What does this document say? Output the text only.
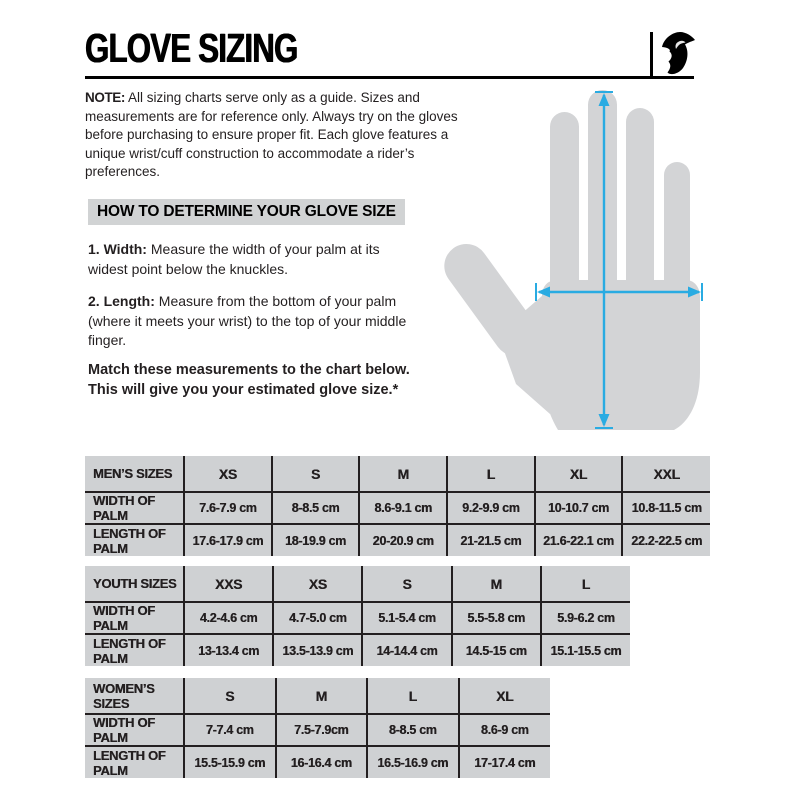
GLOVE SIZING

NOTE: All sizing charts serve only as a guide. Sizes and measurements are for reference only. Always try on the gloves before purchasing to ensure proper fit. Each glove features a unique wrist/cuff construction to accommodate a rider’s preferences.

HOW TO DETERMINE YOUR GLOVE SIZE

1. Width: Measure the width of your palm at its widest point below the knuckles.

2. Length: Measure from the bottom of your palm (where it meets your wrist) to the top of your middle finger.

Match these measurements to the chart below.
This will give you your estimated glove size.*

MEN’S SIZES	XS	S	M	L	XL	XXL
WIDTH OF PALM	7.6-7.9 cm	8-8.5 cm	8.6-9.1 cm	9.2-9.9 cm	10-10.7 cm	10.8-11.5 cm
LENGTH OF PALM	17.6-17.9 cm	18-19.9 cm	20-20.9 cm	21-21.5 cm	21.6-22.1 cm	22.2-22.5 cm
YOUTH SIZES	XXS	XS	S	M	L
WIDTH OF PALM	4.2-4.6 cm	4.7-5.0 cm	5.1-5.4 cm	5.5-5.8 cm	5.9-6.2 cm
LENGTH OF PALM	13-13.4 cm	13.5-13.9 cm	14-14.4 cm	14.5-15 cm	15.1-15.5 cm
WOMEN’S SIZES	S	M	L	XL
WIDTH OF PALM	7-7.4 cm	7.5-7.9cm	8-8.5 cm	8.6-9 cm
LENGTH OF PALM	15.5-15.9 cm	16-16.4 cm	16.5-16.9 cm	17-17.4 cm
